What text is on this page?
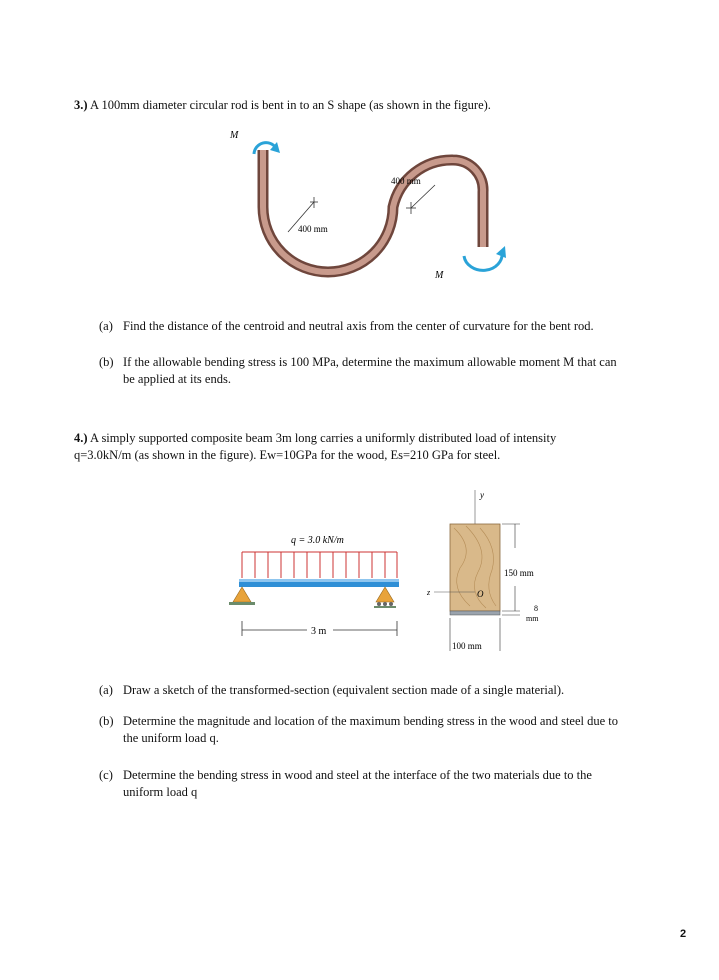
3.) A 100mm diameter circular rod is bent in to an S shape (as shown in the figure).
M
M
400 mm
400 mm
(a) Find the distance of the centroid and neutral axis from the center of curvature for the bent rod.
(b) If the allowable bending stress is 100 MPa, determine the maximum allowable moment M that can
be applied at its ends.
4.) A simply supported composite beam 3m long carries a uniformly distributed load of intensity
q=3.0kN/m (as shown in the figure). Ew=10GPa for the wood, Es=210 GPa for steel.
q = 3.0 kN/m
3 m
y
z	O
150 mm
8
mm
100 mm
(a) Draw a sketch of the transformed-section (equivalent section made of a single material).
(b) Determine the magnitude and location of the maximum bending stress in the wood and steel due to
the uniform load q.
(c) Determine the bending stress in wood and steel at the interface of the two materials due to the
uniform load q
2
